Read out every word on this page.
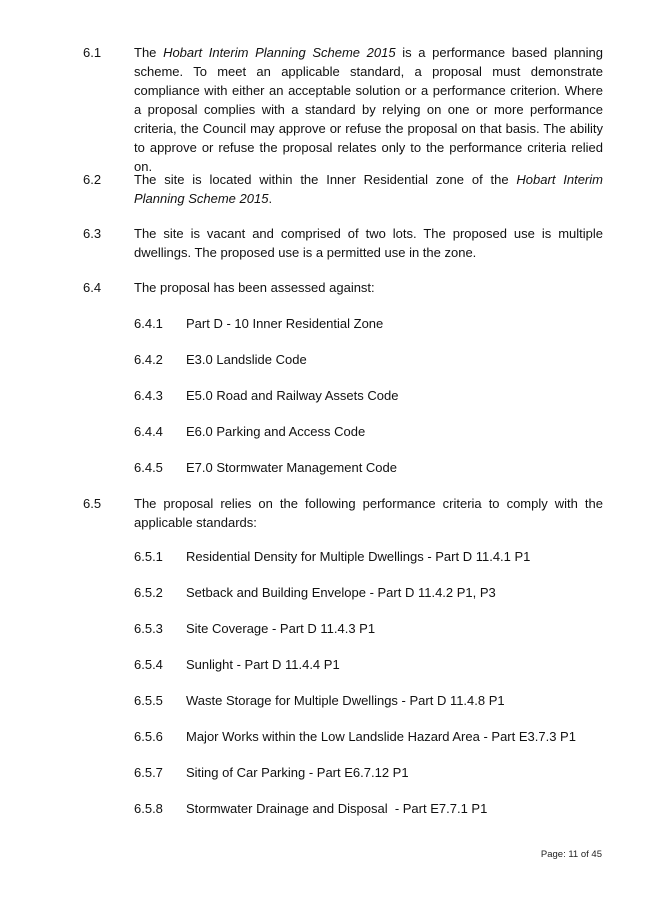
6.1	The Hobart Interim Planning Scheme 2015 is a performance based planning scheme. To meet an applicable standard, a proposal must demonstrate compliance with either an acceptable solution or a performance criterion. Where a proposal complies with a standard by relying on one or more performance criteria, the Council may approve or refuse the proposal on that basis. The ability to approve or refuse the proposal relates only to the performance criteria relied on.
6.2	The site is located within the Inner Residential zone of the Hobart Interim Planning Scheme 2015.
6.3	The site is vacant and comprised of two lots. The proposed use is multiple dwellings. The proposed use is a permitted use in the zone.
6.4	The proposal has been assessed against:
6.4.1	Part D - 10 Inner Residential Zone
6.4.2	E3.0 Landslide Code
6.4.3	E5.0 Road and Railway Assets Code
6.4.4	E6.0 Parking and Access Code
6.4.5	E7.0 Stormwater Management Code
6.5	The proposal relies on the following performance criteria to comply with the applicable standards:
6.5.1	Residential Density for Multiple Dwellings - Part D 11.4.1 P1
6.5.2	Setback and Building Envelope - Part D 11.4.2 P1, P3
6.5.3	Site Coverage - Part D 11.4.3 P1
6.5.4	Sunlight - Part D 11.4.4 P1
6.5.5	Waste Storage for Multiple Dwellings - Part D 11.4.8 P1
6.5.6	Major Works within the Low Landslide Hazard Area - Part E3.7.3 P1
6.5.7	Siting of Car Parking - Part E6.7.12 P1
6.5.8	Stormwater Drainage and Disposal  - Part E7.7.1 P1
Page: 11 of 45
